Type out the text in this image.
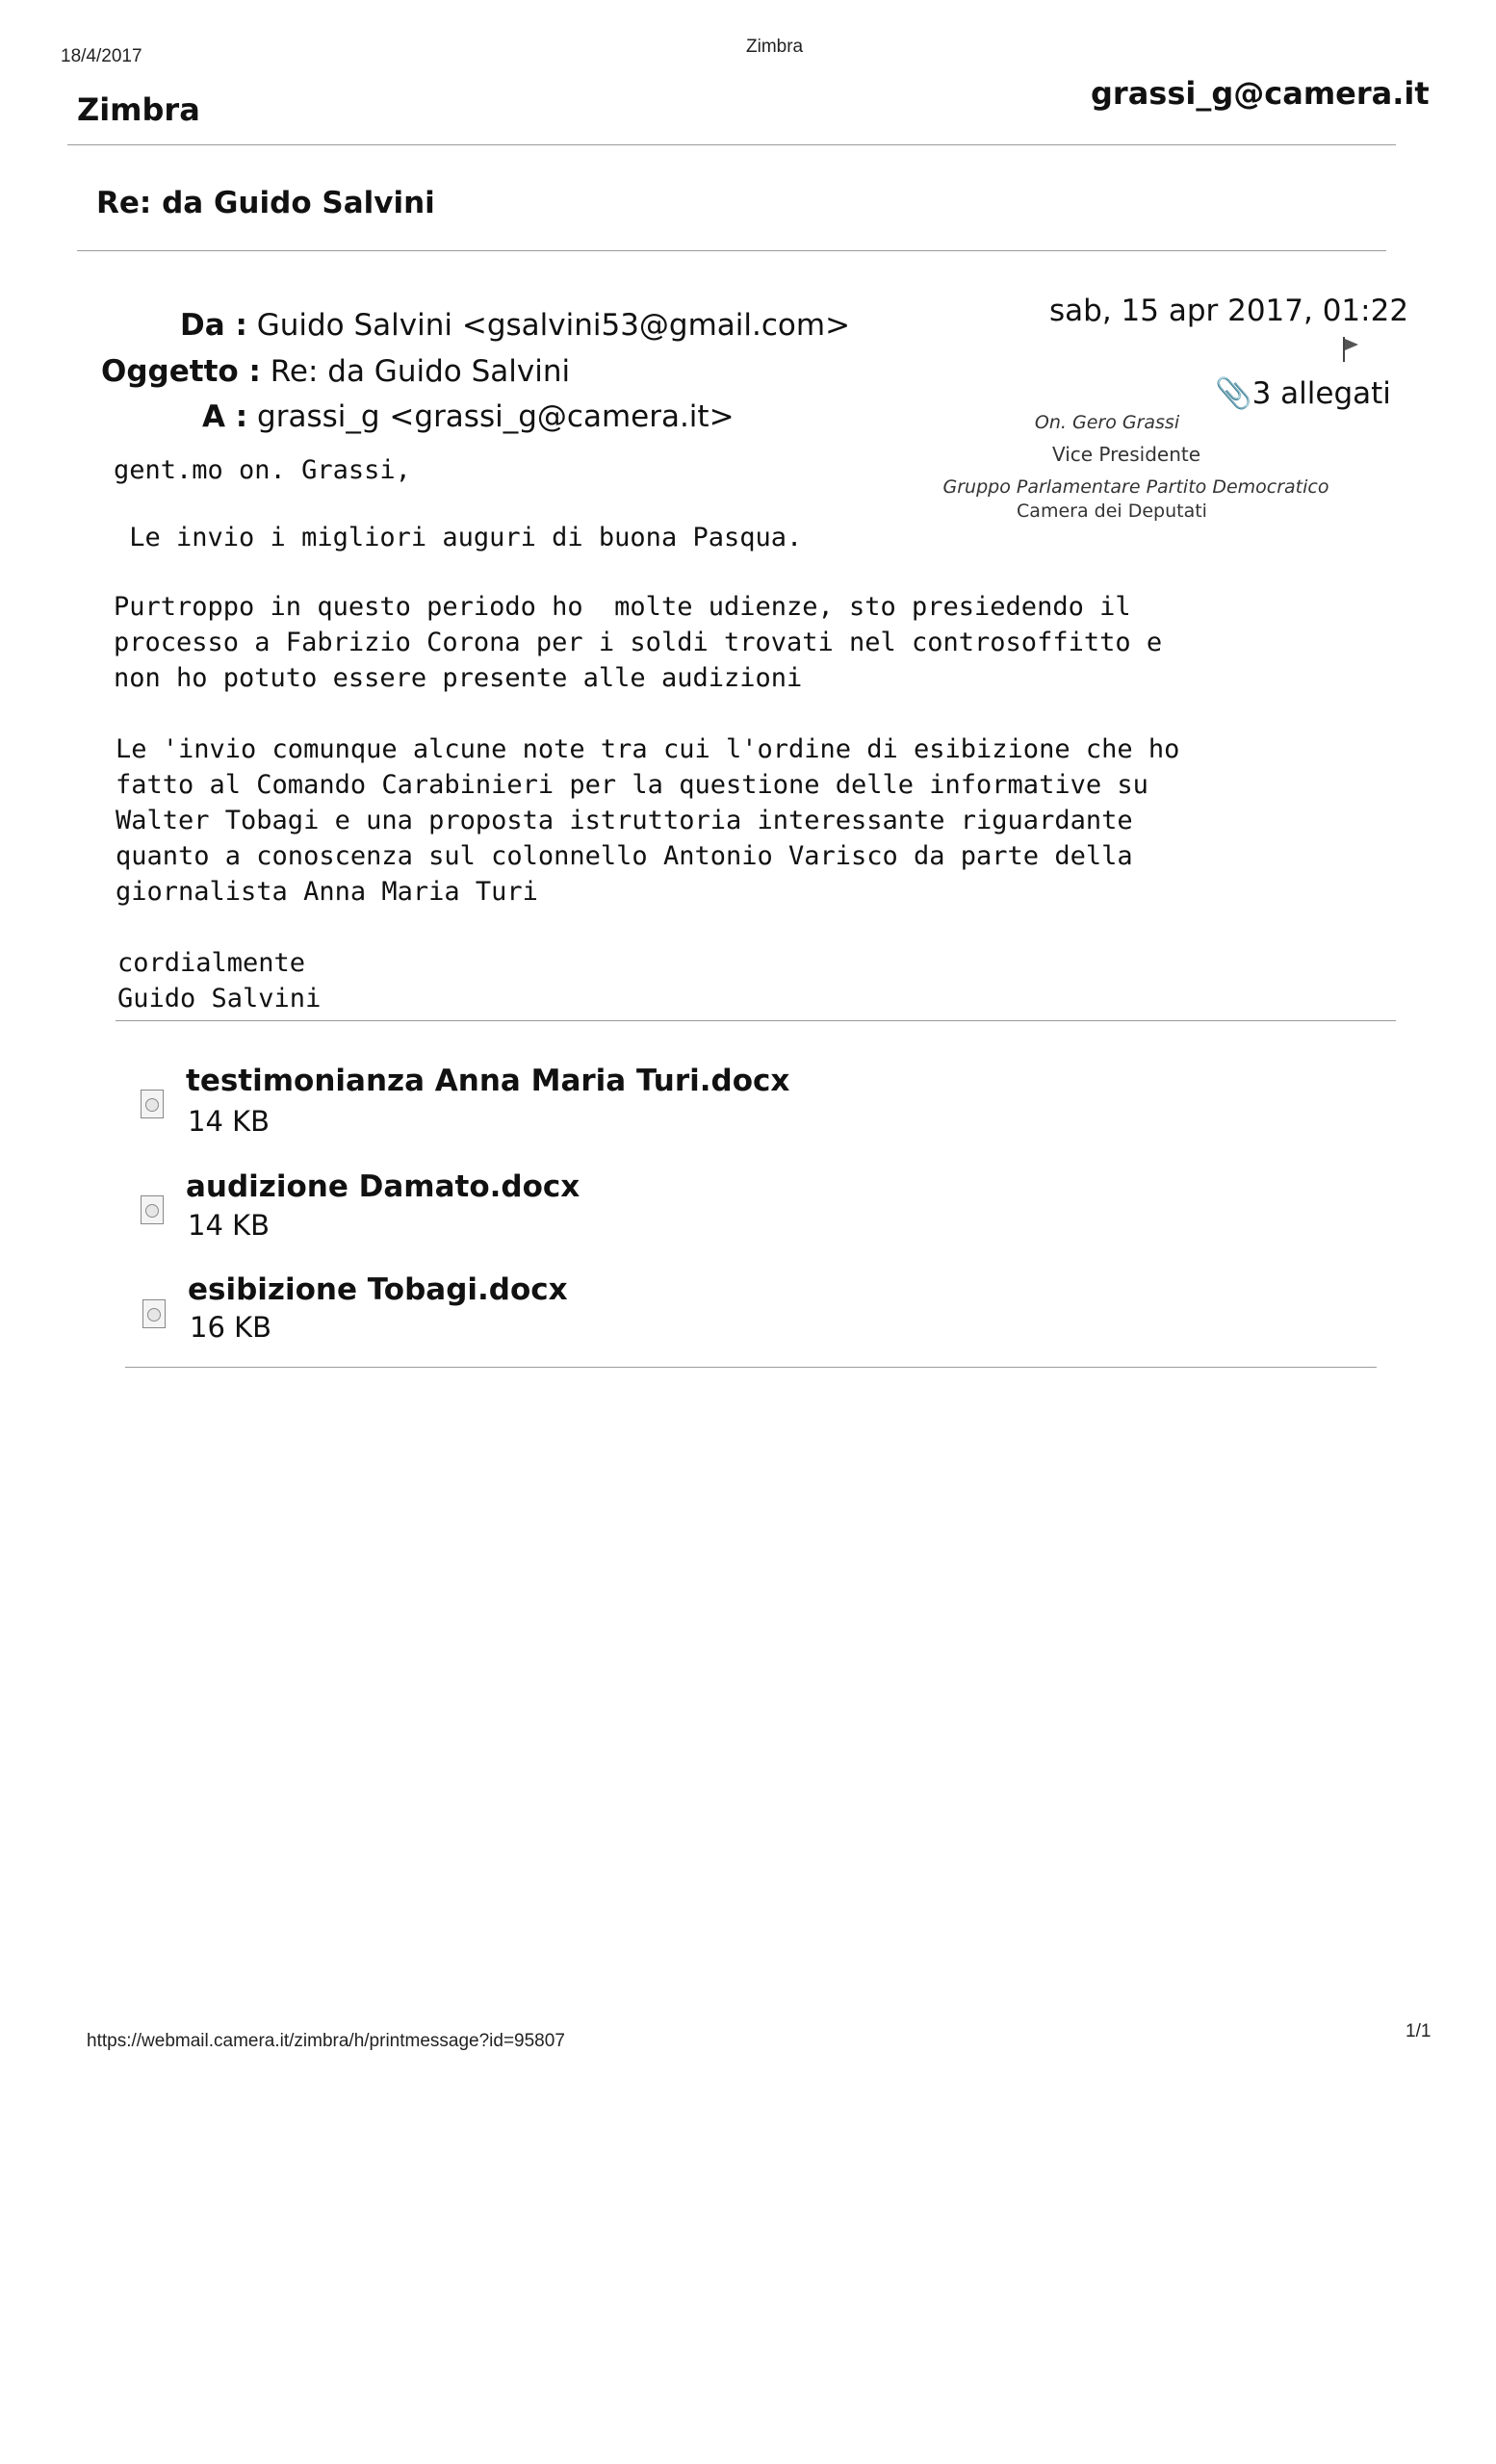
18/4/2017	Zimbra
Zimbra	grassi_g@camera.it
Re: da Guido Salvini
Da : Guido Salvini <gsalvini53@gmail.com>
Oggetto : Re: da Guido Salvini
A : grassi_g <grassi_g@camera.it>
sab, 15 apr 2017, 01:22
📎3 allegati
On. Gero Grassi
Vice Presidente
Gruppo Parlamentare Partito Democratico
Camera dei Deputati
gent.mo on. Grassi,
Le invio i migliori auguri di buona Pasqua.
Purtroppo in questo periodo ho  molte udienze, sto presiedendo il
processo a Fabrizio Corona per i soldi trovati nel controsoffitto e
non ho potuto essere presente alle audizioni
Le 'invio comunque alcune note tra cui l'ordine di esibizione che ho
fatto al Comando Carabinieri per la questione delle informative su
Walter Tobagi e una proposta istruttoria interessante riguardante
quanto a conoscenza sul colonnello Antonio Varisco da parte della
giornalista Anna Maria Turi
cordialmente
Guido Salvini
testimonianza Anna Maria Turi.docx
14 KB
audizione Damato.docx
14 KB
esibizione Tobagi.docx
16 KB
https://webmail.camera.it/zimbra/h/printmessage?id=95807	1/1
